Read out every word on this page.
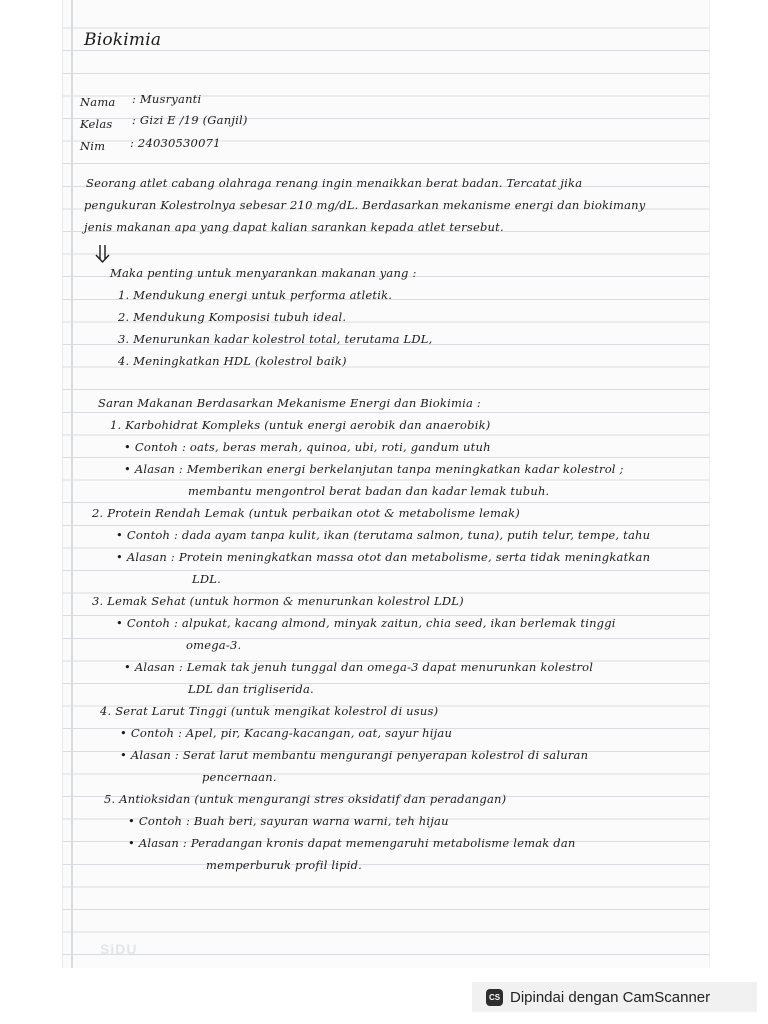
Biokimia
Nama : Musryanti
Kelas : Gizi E /19 (Ganjil)
Nim : 24030530071
Seorang atlet cabang olahraga renang ingin menaikkan berat badan. Tercatat jika
pengukuran Kolestrolnya sebesar 210 mg/dL. Berdasarkan mekanisme energi dan biokimany
jenis makanan apa yang dapat kalian sarankan kepada atlet tersebut.
Maka penting untuk menyarankan makanan yang :
1. Mendukung energi untuk performa atletik.
2. Mendukung Komposisi tubuh ideal.
3. Menurunkan kadar kolestrol total, terutama LDL,
4. Meningkatkan HDL (kolestrol baik)
Saran Makanan Berdasarkan Mekanisme Energi dan Biokimia :
1. Karbohidrat Kompleks (untuk energi aerobik dan anaerobik)
• Contoh : oats, beras merah, quinoa, ubi, roti, gandum utuh
• Alasan : Memberikan energi berkelanjutan tanpa meningkatkan kadar kolestrol ;
membantu mengontrol berat badan dan kadar lemak tubuh.
2. Protein Rendah Lemak (untuk perbaikan otot & metabolisme lemak)
• Contoh : dada ayam tanpa kulit, ikan (terutama salmon, tuna), putih telur, tempe, tahu
• Alasan : Protein meningkatkan massa otot dan metabolisme, serta tidak meningkatkan
LDL.
3. Lemak Sehat (untuk hormon & menurunkan kolestrol LDL)
• Contoh : alpukat, kacang almond, minyak zaitun, chia seed, ikan berlemak tinggi
omega-3.
• Alasan : Lemak tak jenuh tunggal dan omega-3 dapat menurunkan kolestrol
LDL dan trigliserida.
4. Serat Larut Tinggi (untuk mengikat kolestrol di usus)
• Contoh : Apel, pir, Kacang-kacangan, oat, sayur hijau
• Alasan : Serat larut membantu mengurangi penyerapan kolestrol di saluran
pencernaan.
5. Antioksidan (untuk mengurangi stres oksidatif dan peradangan)
• Contoh : Buah beri, sayuran warna warni, teh hijau
• Alasan : Peradangan kronis dapat memengaruhi metabolisme lemak dan
memperburuk profil lipid.
SiDU
CS Dipindai dengan CamScanner
